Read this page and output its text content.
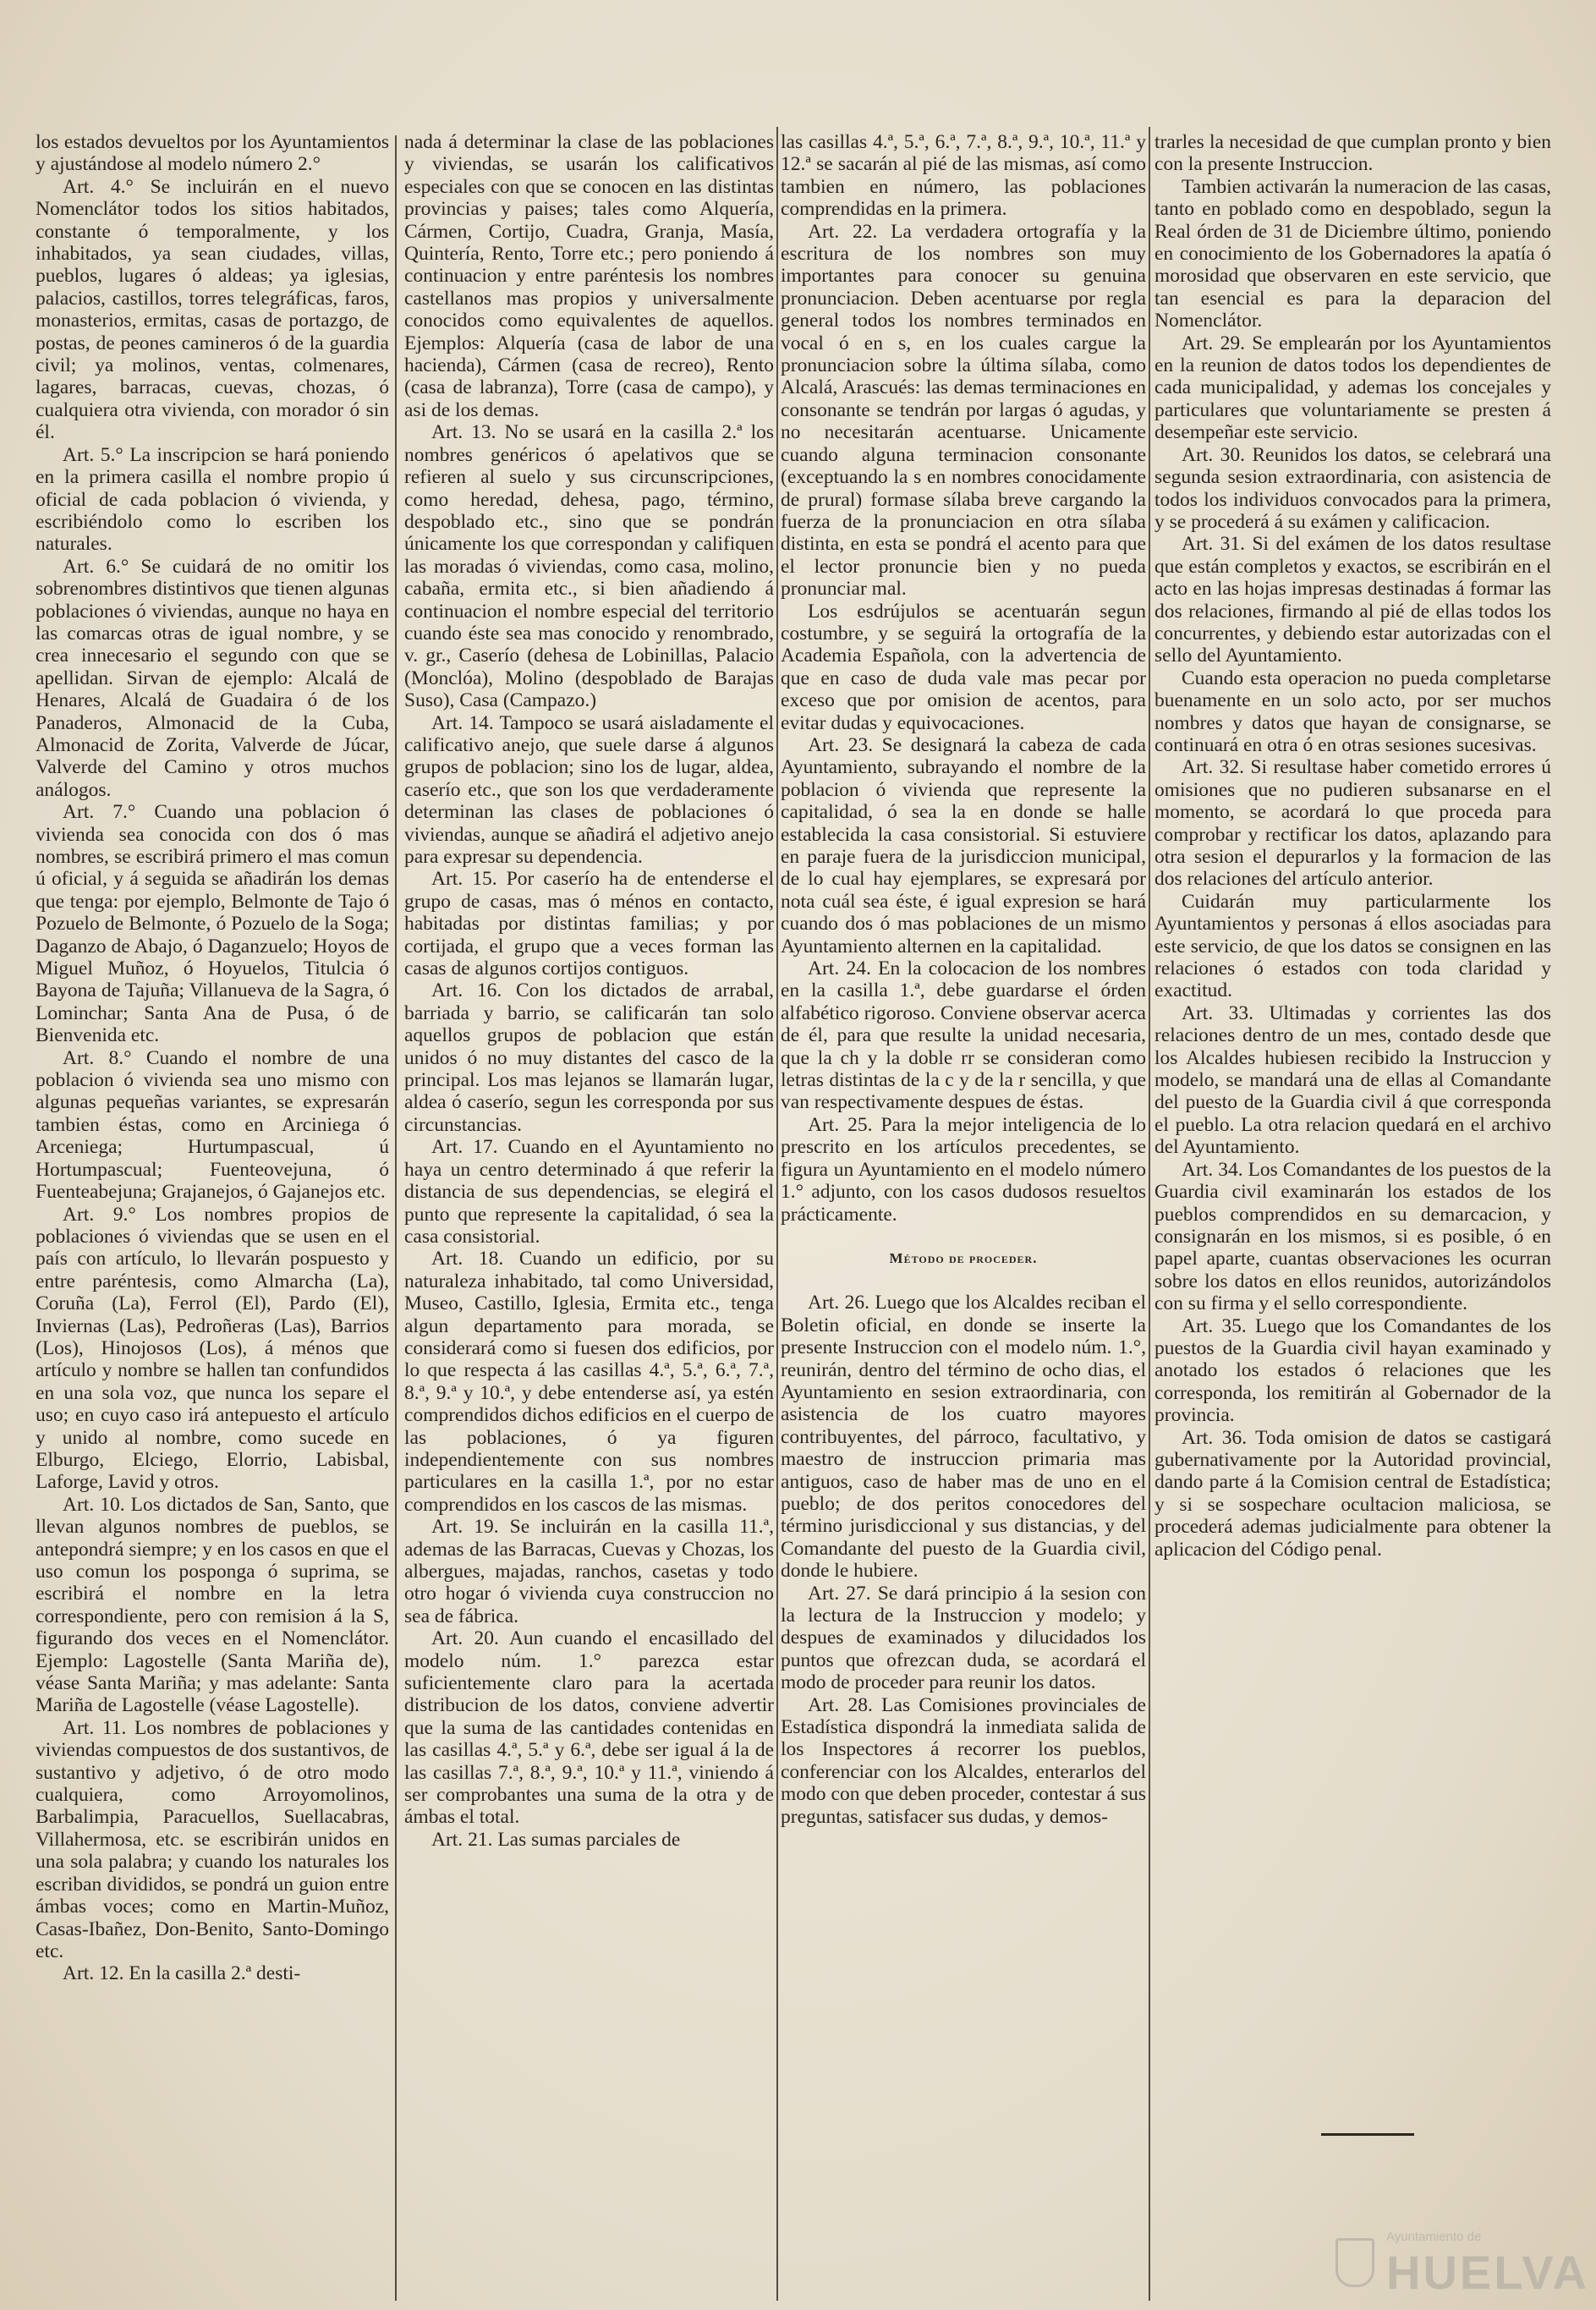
los estados devueltos por los Ayuntamientos y ajustándose al modelo número 2.°

Art. 4.° Se incluirán en el nuevo Nomenclátor todos los sitios habitados, constante ó temporalmente, y los inhabitados, ya sean ciudades, villas, pueblos, lugares ó aldeas; ya iglesias, palacios, castillos, torres telegráficas, faros, monasterios, ermitas, casas de portazgo, de postas, de peones camineros ó de la guardia civil; ya molinos, ventas, colmenares, lagares, barracas, cuevas, chozas, ó cualquiera otra vivienda, con morador ó sin él.

Art. 5.° La inscripcion se hará poniendo en la primera casilla el nombre propio ú oficial de cada poblacion ó vivienda, y escribiéndolo como lo escriben los naturales.

Art. 6.° Se cuidará de no omitir los sobrenombres distintivos que tienen algunas poblaciones ó viviendas, aunque no haya en las comarcas otras de igual nombre, y se crea innecesario el segundo con que se apellidan. Sirvan de ejemplo: Alcalá de Henares, Alcalá de Guadaira ó de los Panaderos, Almonacid de la Cuba, Almonacid de Zorita, Valverde de Júcar, Valverde del Camino y otros muchos análogos.

Art. 7.° Cuando una poblacion ó vivienda sea conocida con dos ó mas nombres, se escribirá primero el mas comun ú oficial, y á seguida se añadirán los demas que tenga: por ejemplo, Belmonte de Tajo ó Pozuelo de Belmonte, ó Pozuelo de la Soga; Daganzo de Abajo, ó Daganzuelo; Hoyos de Miguel Muñoz, ó Hoyuelos, Titulcia ó Bayona de Tajuña; Villanueva de la Sagra, ó Lominchar; Santa Ana de Pusa, ó de Bienvenida etc.

Art. 8.° Cuando el nombre de una poblacion ó vivienda sea uno mismo con algunas pequeñas variantes, se expresarán tambien éstas, como en Arciniega ó Arceniega; Hurtumpascual, ú Hortumpascual; Fuenteovejuna, ó Fuenteabejuna; Grajanejos, ó Gajanejos etc.

Art. 9.° Los nombres propios de poblaciones ó viviendas que se usen en el país con artículo, lo llevarán pospuesto y entre paréntesis, como Almarcha (La), Coruña (La), Ferrol (El), Pardo (El), Inviernas (Las), Pedroñeras (Las), Barrios (Los), Hinojosos (Los), á ménos que artículo y nombre se hallen tan confundidos en una sola voz, que nunca los separe el uso; en cuyo caso irá antepuesto el artículo y unido al nombre, como sucede en Elburgo, Elciego, Elorrio, Labisbal, Laforge, Lavid y otros.

Art. 10. Los dictados de San, Santo, que llevan algunos nombres de pueblos, se antepondrá siempre; y en los casos en que el uso comun los posponga ó suprima, se escribirá el nombre en la letra correspondiente, pero con remision á la S, figurando dos veces en el Nomenclátor. Ejemplo: Lagostelle (Santa Mariña de), véase Santa Mariña; y mas adelante: Santa Mariña de Lagostelle (véase Lagostelle).

Art. 11. Los nombres de poblaciones y viviendas compuestos de dos sustantivos, de sustantivo y adjetivo, ó de otro modo cualquiera, como Arroyomolinos, Barbalimpia, Paracuellos, Suellacabras, Villahermosa, etc. se escribirán unidos en una sola palabra; y cuando los naturales los escriban divididos, se pondrá un guion entre ámbas voces; como en Martin-Muñoz, Casas-Ibañez, Don-Benito, Santo-Domingo etc.

Art. 12. En la casilla 2.ª desti-

nada á determinar la clase de las poblaciones y viviendas, se usarán los calificativos especiales con que se conocen en las distintas provincias y paises; tales como Alquería, Cármen, Cortijo, Cuadra, Granja, Masía, Quintería, Rento, Torre etc.; pero poniendo á continuacion y entre paréntesis los nombres castellanos mas propios y universalmente conocidos como equivalentes de aquellos. Ejemplos: Alquería (casa de labor de una hacienda), Cármen (casa de recreo), Rento (casa de labranza), Torre (casa de campo), y asi de los demas.

Art. 13. No se usará en la casilla 2.ª los nombres genéricos ó apelativos que se refieren al suelo y sus circunscripciones, como heredad, dehesa, pago, término, despoblado etc., sino que se pondrán únicamente los que correspondan y califiquen las moradas ó viviendas, como casa, molino, cabaña, ermita etc., si bien añadiendo á continuacion el nombre especial del territorio cuando éste sea mas conocido y renombrado, v. gr., Caserío (dehesa de Lobinillas, Palacio (Monclóa), Molino (despoblado de Barajas Suso), Casa (Campazo.)

Art. 14. Tampoco se usará aisladamente el calificativo anejo, que suele darse á algunos grupos de poblacion; sino los de lugar, aldea, caserío etc., que son los que verdaderamente determinan las clases de poblaciones ó viviendas, aunque se añadirá el adjetivo anejo para expresar su dependencia.

Art. 15. Por caserío ha de entenderse el grupo de casas, mas ó ménos en contacto, habitadas por distintas familias; y por cortijada, el grupo que a veces forman las casas de algunos cortijos contiguos.

Art. 16. Con los dictados de arrabal, barriada y barrio, se calificarán tan solo aquellos grupos de poblacion que están unidos ó no muy distantes del casco de la principal. Los mas lejanos se llamarán lugar, aldea ó caserío, segun les corresponda por sus circunstancias.

Art. 17. Cuando en el Ayuntamiento no haya un centro determinado á que referir la distancia de sus dependencias, se elegirá el punto que represente la capitalidad, ó sea la casa consistorial.

Art. 18. Cuando un edificio, por su naturaleza inhabitado, tal como Universidad, Museo, Castillo, Iglesia, Ermita etc., tenga algun departamento para morada, se considerará como si fuesen dos edificios, por lo que respecta á las casillas 4.ª, 5.ª, 6.ª, 7.ª, 8.ª, 9.ª y 10.ª, y debe entenderse así, ya estén comprendidos dichos edificios en el cuerpo de las poblaciones, ó ya figuren independientemente con sus nombres particulares en la casilla 1.ª, por no estar comprendidos en los cascos de las mismas.

Art. 19. Se incluirán en la casilla 11.ª, ademas de las Barracas, Cuevas y Chozas, los albergues, majadas, ranchos, casetas y todo otro hogar ó vivienda cuya construccion no sea de fábrica.

Art. 20. Aun cuando el encasillado del modelo núm. 1.° parezca estar suficientemente claro para la acertada distribucion de los datos, conviene advertir que la suma de las cantidades contenidas en las casillas 4.ª, 5.ª y 6.ª, debe ser igual á la de las casillas 7.ª, 8.ª, 9.ª, 10.ª y 11.ª, viniendo á ser comprobantes una suma de la otra y de ámbas el total.

Art. 21. Las sumas parciales de

las casillas 4.ª, 5.ª, 6.ª, 7.ª, 8.ª, 9.ª, 10.ª, 11.ª y 12.ª se sacarán al pié de las mismas, así como tambien en número, las poblaciones comprendidas en la primera.

Art. 22. La verdadera ortografía y la escritura de los nombres son muy importantes para conocer su genuina pronunciacion. Deben acentuarse por regla general todos los nombres terminados en vocal ó en s, en los cuales cargue la pronunciacion sobre la última sílaba, como Alcalá, Arascués: las demas terminaciones en consonante se tendrán por largas ó agudas, y no necesitarán acentuarse. Unicamente cuando alguna terminacion consonante (exceptuando la s en nombres conocidamente de prural) formase sílaba breve cargando la fuerza de la pronunciacion en otra sílaba distinta, en esta se pondrá el acento para que el lector pronuncie bien y no pueda pronunciar mal.

Los esdrújulos se acentuarán segun costumbre, y se seguirá la ortografía de la Academia Española, con la advertencia de que en caso de duda vale mas pecar por exceso que por omision de acentos, para evitar dudas y equivocaciones.

Art. 23. Se designará la cabeza de cada Ayuntamiento, subrayando el nombre de la poblacion ó vivienda que represente la capitalidad, ó sea la en donde se halle establecida la casa consistorial. Si estuviere en paraje fuera de la jurisdiccion municipal, de lo cual hay ejemplares, se expresará por nota cuál sea éste, é igual expresion se hará cuando dos ó mas poblaciones de un mismo Ayuntamiento alternen en la capitalidad.

Art. 24. En la colocacion de los nombres en la casilla 1.ª, debe guardarse el órden alfabético rigoroso. Conviene observar acerca de él, para que resulte la unidad necesaria, que la ch y la doble rr se consideran como letras distintas de la c y de la r sencilla, y que van respectivamente despues de éstas.

Art. 25. Para la mejor inteligencia de lo prescrito en los artículos precedentes, se figura un Ayuntamiento en el modelo número 1.° adjunto, con los casos dudosos resueltos prácticamente.

Método de proceder.

Art. 26. Luego que los Alcaldes reciban el Boletin oficial, en donde se inserte la presente Instruccion con el modelo núm. 1.°, reunirán, dentro del término de ocho dias, el Ayuntamiento en sesion extraordinaria, con asistencia de los cuatro mayores contribuyentes, del párroco, facultativo, y maestro de instruccion primaria mas antiguos, caso de haber mas de uno en el pueblo; de dos peritos conocedores del término jurisdiccional y sus distancias, y del Comandante del puesto de la Guardia civil, donde le hubiere.

Art. 27. Se dará principio á la sesion con la lectura de la Instruccion y modelo; y despues de examinados y dilucidados los puntos que ofrezcan duda, se acordará el modo de proceder para reunir los datos.

Art. 28. Las Comisiones provinciales de Estadística dispondrá la inmediata salida de los Inspectores á recorrer los pueblos, conferenciar con los Alcaldes, enterarlos del modo con que deben proceder, contestar á sus preguntas, satisfacer sus dudas, y demos-

trarles la necesidad de que cumplan pronto y bien con la presente Instruccion.

Tambien activarán la numeracion de las casas, tanto en poblado como en despoblado, segun la Real órden de 31 de Diciembre último, poniendo en conocimiento de los Gobernadores la apatía ó morosidad que observaren en este servicio, que tan esencial es para la deparacion del Nomenclátor.

Art. 29. Se emplearán por los Ayuntamientos en la reunion de datos todos los dependientes de cada municipalidad, y ademas los concejales y particulares que voluntariamente se presten á desempeñar este servicio.

Art. 30. Reunidos los datos, se celebrará una segunda sesion extraordinaria, con asistencia de todos los individuos convocados para la primera, y se procederá á su exámen y calificacion.

Art. 31. Si del exámen de los datos resultase que están completos y exactos, se escribirán en el acto en las hojas impresas destinadas á formar las dos relaciones, firmando al pié de ellas todos los concurrentes, y debiendo estar autorizadas con el sello del Ayuntamiento.

Cuando esta operacion no pueda completarse buenamente en un solo acto, por ser muchos nombres y datos que hayan de consignarse, se continuará en otra ó en otras sesiones sucesivas.

Art. 32. Si resultase haber cometido errores ú omisiones que no pudieren subsanarse en el momento, se acordará lo que proceda para comprobar y rectificar los datos, aplazando para otra sesion el depurarlos y la formacion de las dos relaciones del artículo anterior.

Cuidarán muy particularmente los Ayuntamientos y personas á ellos asociadas para este servicio, de que los datos se consignen en las relaciones ó estados con toda claridad y exactitud.

Art. 33. Ultimadas y corrientes las dos relaciones dentro de un mes, contado desde que los Alcaldes hubiesen recibido la Instruccion y modelo, se mandará una de ellas al Comandante del puesto de la Guardia civil á que corresponda el pueblo. La otra relacion quedará en el archivo del Ayuntamiento.

Art. 34. Los Comandantes de los puestos de la Guardia civil examinarán los estados de los pueblos comprendidos en su demarcacion, y consignarán en los mismos, si es posible, ó en papel aparte, cuantas observaciones les ocurran sobre los datos en ellos reunidos, autorizándolos con su firma y el sello correspondiente.

Art. 35. Luego que los Comandantes de los puestos de la Guardia civil hayan examinado y anotado los estados ó relaciones que les corresponda, los remitirán al Gobernador de la provincia.

Art. 36. Toda omision de datos se castigará gubernativamente por la Autoridad provincial, dando parte á la Comision central de Estadística; y si se sospechare ocultacion maliciosa, se procederá ademas judicialmente para obtener la aplicacion del Código penal.

Ayuntamiento de
HUELVA
